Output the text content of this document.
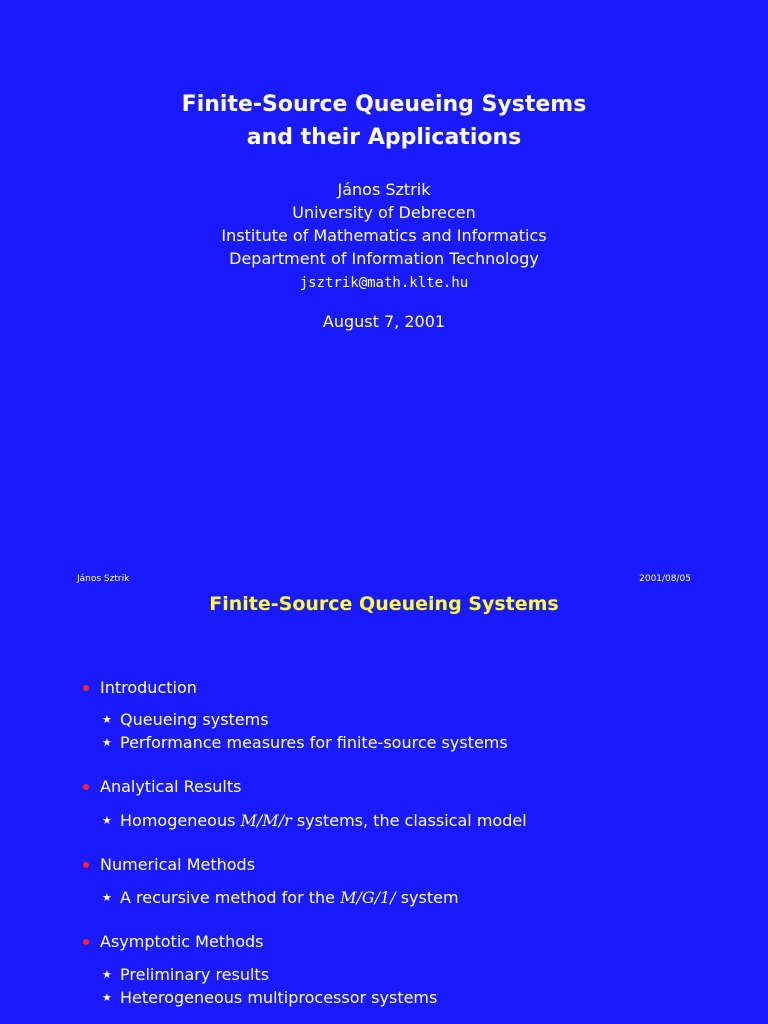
Finite-Source Queueing Systems
and their Applications
János Sztrik
University of Debrecen
Institute of Mathematics and Informatics
Department of Information Technology
jsztrik@math.klte.hu
August 7, 2001
János Sztrik	2001/08/05
Finite-Source Queueing Systems
Introduction
★ Queueing systems
★ Performance measures for finite-source systems
Analytical Results
★ Homogeneous M/M/r systems, the classical model
Numerical Methods
★ A recursive method for the M/G/1/ system
Asymptotic Methods
★ Preliminary results
★ Heterogeneous multiprocessor systems
